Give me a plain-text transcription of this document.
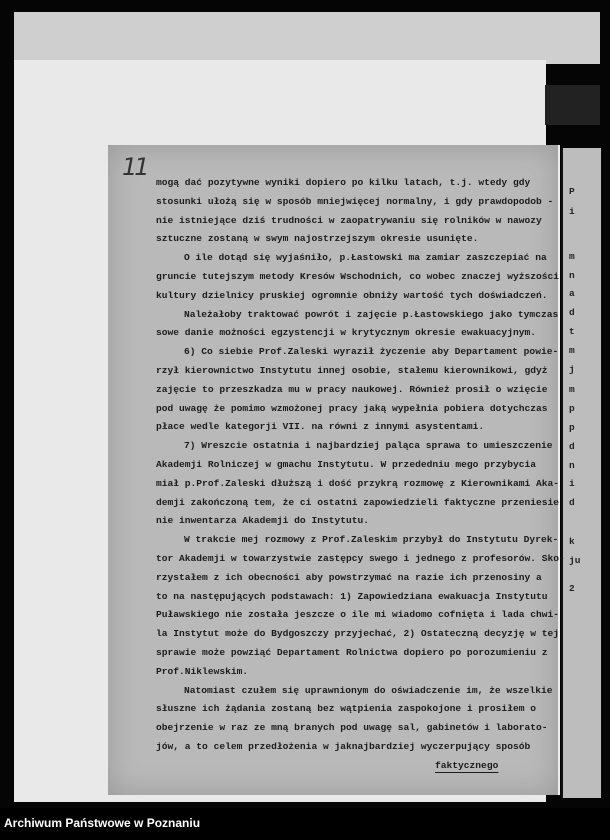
P
i
m
n
a
d
t
m
j
m
p
p
d
n
i
d
k
ju
2
11
mogą dać pozytywne wyniki dopiero po kilku latach, t.j. wtedy gdy
stosunki ułożą się w sposób mniejwięcej normalny, i gdy prawdopodob -
nie istniejące dziś trudności w zaopatrywaniu się rolników w nawozy
sztuczne zostaną w swym najostrzejszym okresie usunięte.
O ile dotąd się wyjaśniło, p.Łastowski ma zamiar zaszczepiać na
gruncie tutejszym metody Kresów Wschodnich, co wobec znaczej wyższości
kultury dzielnicy pruskiej ogromnie obniży wartość tych doświadczeń.
Należałoby traktować powrót i zajęcie p.Łastowskiego jako tymczas
sowe danie możności egzystencji w krytycznym okresie ewakuacyjnym.
6) Co siebie Prof.Zaleski wyraził życzenie aby Departament powie-
rzył kierownictwo Instytutu innej osobie, stałemu kierownikowi, gdyż
zajęcie to przeszkadza mu w pracy naukowej. Również prosił o wzięcie
pod uwagę że pomimo wzmożonej pracy jaką wypełnia pobiera dotychczas
płace wedle kategorji VII. na równi z innymi asystentami.
7) Wreszcie ostatnia i najbardziej paląca sprawa to umieszczenie
Akademji Rolniczej w gmachu Instytutu. W przededniu mego przybycia
miał p.Prof.Zaleski dłuższą i dość przykrą rozmowę z Kierownikami Aka-
demji zakończoną tem, że ci ostatni zapowiedzieli faktyczne przeniesie
nie inwentarza Akademji do Instytutu.
W trakcie mej rozmowy z Prof.Zaleskim przybył do Instytutu Dyrek-
tor Akademji w towarzystwie zastępcy swego i jednego z profesorów. Sko-
rzystałem z ich obecności aby powstrzymać na razie ich przenosiny a
to na następujących podstawach: 1) Zapowiedziana ewakuacja Instytutu
Puławskiego nie została jeszcze o ile mi wiadomo cofnięta i lada chwi-
la Instytut może do Bydgoszczy przyjechać, 2) Ostateczną decyzję w tej
sprawie może powziąć Departament Rolnictwa dopiero po porozumieniu z
Prof.Niklewskim.
Natomiast czułem się uprawnionym do oświadczenie im, że wszelkie
słuszne ich żądania zostaną bez wątpienia zaspokojone i prosiłem o
obejrzenie w raz ze mną branych pod uwagę sal, gabinetów i laborato-
jów, a to celem przedłożenia w jaknajbardziej wyczerpujący sposób
faktycznego
Archiwum Państwowe w Poznaniu
